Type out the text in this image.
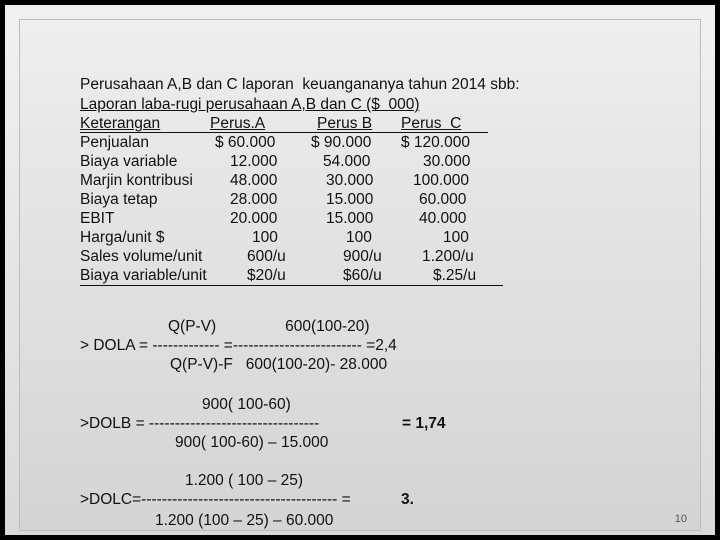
Perusahaan A,B dan C laporan  keuangananya tahun 2014 sbb:
Laporan laba-rugi perusahaan A,B dan C ($  000)
Keterangan	Perus.A	Perus B Perus  C
Penjualan	$ 60.000 $ 90.000 $ 120.000
Biaya variable	12.000	54.000	30.000
Marjin kontribusi 48.000	30.000	100.000
Biaya tetap	28.000	15.000	60.000
EBIT	20.000	15.000	40.000
Harga/unit $	100	100	100
Sales volume/unit	600/u	900/u	1.200/u
Biaya variable/unit	$20/u	$60/u	$.25/u
Q(P-V)                600(100-20)
> DOLA = ------------- =------------------------- =2,4
Q(P-V)-F   600(100-20)- 28.000
900( 100-60)
>DOLB = ---------------------------------	= 1,74
900( 100-60) – 15.000
1.200 ( 100 – 25)
>DOLC=-------------------------------------- =	3.
1.200 (100 – 25) – 60.000	10
